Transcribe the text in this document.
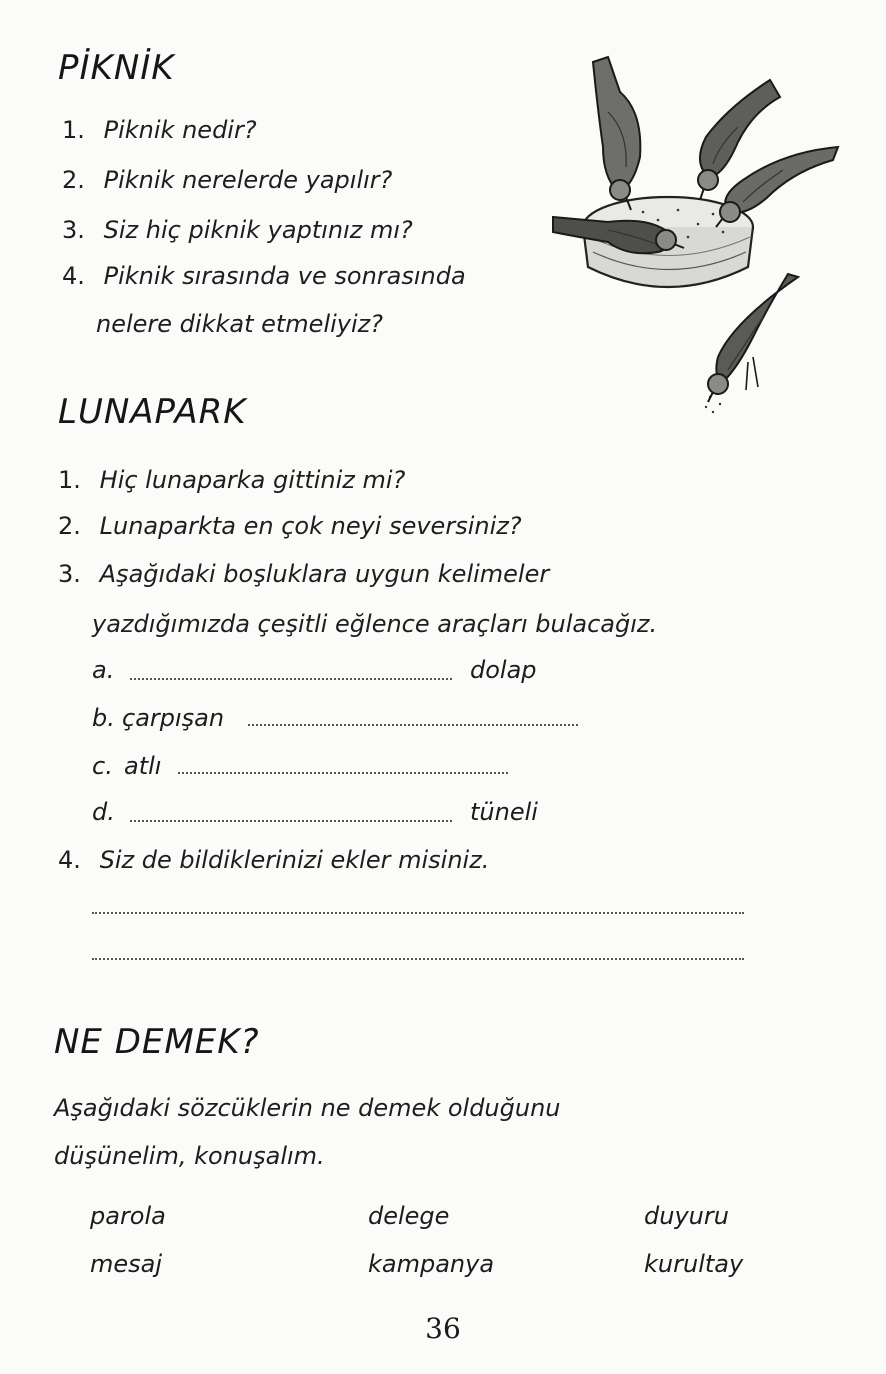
PİKNİK
1. Piknik nedir?
2. Piknik nerelerde yapılır?
3. Siz hiç piknik yaptınız mı?
4. Piknik sırasında ve sonrasında
nelere dikkat etmeliyiz?
LUNAPARK
1. Hiç lunaparka gittiniz mi?
2. Lunaparkta en çok neyi seversiniz?
3. Aşağıdaki boşluklara uygun kelimeler
yazdığımızda çeşitli eğlence araçları bulacağız.
a.	dolap
b. çarpışan
c. atlı
d.	tüneli
4. Siz de bildiklerinizi ekler misiniz.
NE DEMEK?
Aşağıdaki sözcüklerin ne demek olduğunu
düşünelim, konuşalım.
parola	delege	duyuru
mesaj	kampanya	kurultay
36
